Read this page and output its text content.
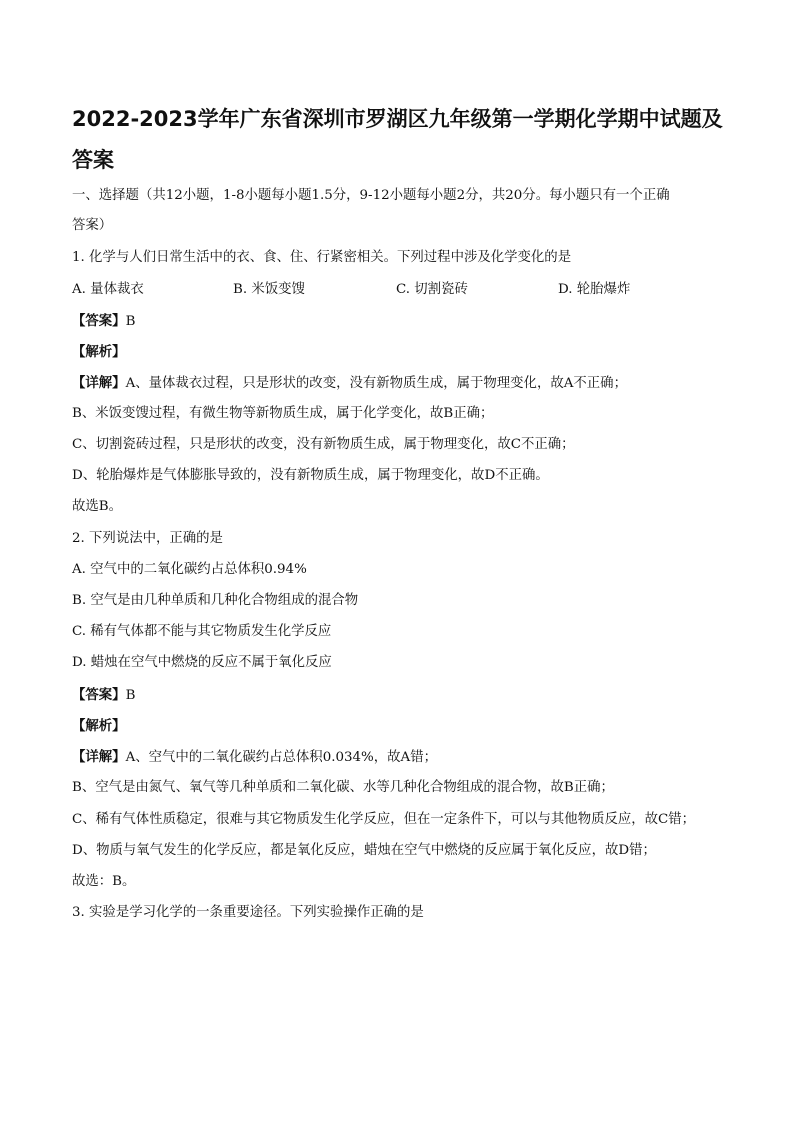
2022-2023学年广东省深圳市罗湖区九年级第一学期化学期中试题及
答案
一、选择题（共12小题，1-8小题每小题1.5分，9-12小题每小题2分，共20分。每小题只有一个正确
答案）
1. 化学与人们日常生活中的衣、食、住、行紧密相关。下列过程中涉及化学变化的是
A. 量体裁衣	B. 米饭变馊	C. 切割瓷砖	D. 轮胎爆炸
【答案】B
【解析】
【详解】A、量体裁衣过程，只是形状的改变，没有新物质生成，属于物理变化，故A不正确；
B、米饭变馊过程，有微生物等新物质生成，属于化学变化，故B正确；
C、切割瓷砖过程，只是形状的改变，没有新物质生成，属于物理变化，故C不正确；
D、轮胎爆炸是气体膨胀导致的，没有新物质生成，属于物理变化，故D不正确。
故选B。
2. 下列说法中，正确的是
A. 空气中的二氧化碳约占总体积0.94%
B. 空气是由几种单质和几种化合物组成的混合物
C. 稀有气体都不能与其它物质发生化学反应
D. 蜡烛在空气中燃烧的反应不属于氧化反应
【答案】B
【解析】
【详解】A、空气中的二氧化碳约占总体积0.034%，故A错；
B、空气是由氮气、氧气等几种单质和二氧化碳、水等几种化合物组成的混合物，故B正确；
C、稀有气体性质稳定，很难与其它物质发生化学反应，但在一定条件下，可以与其他物质反应，故C错；
D、物质与氧气发生的化学反应，都是氧化反应，蜡烛在空气中燃烧的反应属于氧化反应，故D错；
故选：B。
3. 实验是学习化学的一条重要途径。下列实验操作正确的是
